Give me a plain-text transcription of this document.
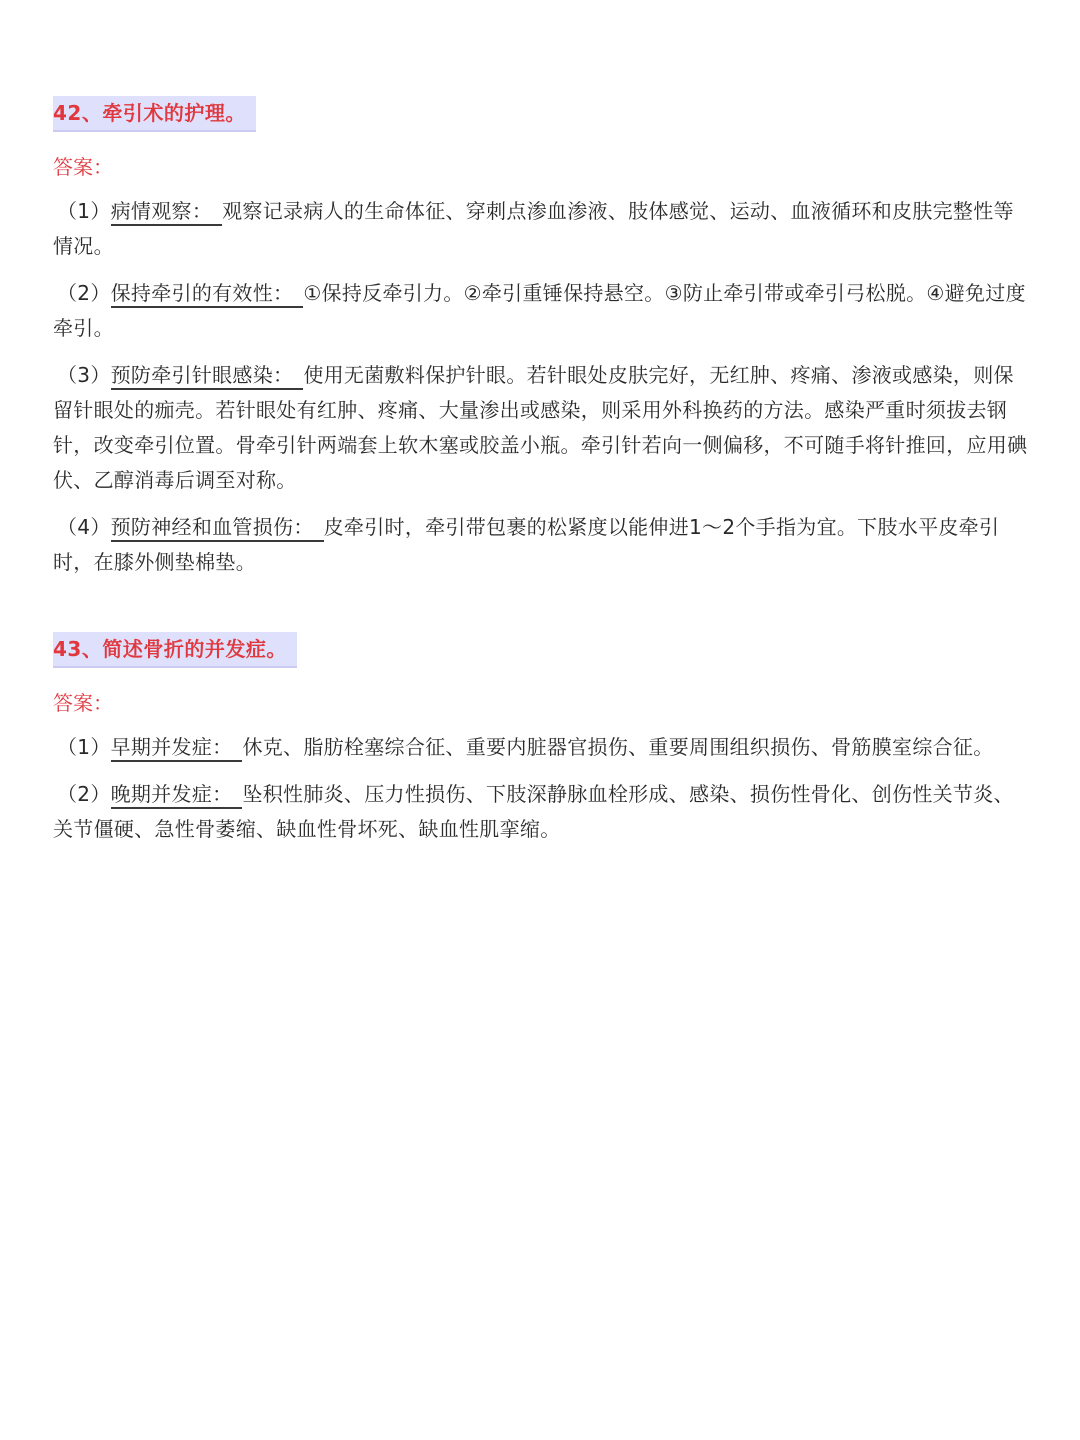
42、牵引术的护理。
答案：
（1）病情观察： 观察记录病人的生命体征、穿刺点渗血渗液、肢体感觉、运动、血液循环和皮肤完整性等情况。
（2）保持牵引的有效性： ①保持反牵引力。②牵引重锤保持悬空。③防止牵引带或牵引弓松脱。④避免过度牵引。
（3）预防牵引针眼感染： 使用无菌敷料保护针眼。若针眼处皮肤完好，无红肿、疼痛、渗液或感染，则保留针眼处的痂壳。若针眼处有红肿、疼痛、大量渗出或感染，则采用外科换药的方法。感染严重时须拔去钢针，改变牵引位置。骨牵引针两端套上软木塞或胶盖小瓶。牵引针若向一侧偏移，不可随手将针推回，应用碘伏、乙醇消毒后调至对称。
（4）预防神经和血管损伤： 皮牵引时，牵引带包裹的松紧度以能伸进1～2个手指为宜。下肢水平皮牵引时，在膝外侧垫棉垫。
43、简述骨折的并发症。
答案：
（1）早期并发症： 休克、脂肪栓塞综合征、重要内脏器官损伤、重要周围组织损伤、骨筋膜室综合征。
（2）晚期并发症： 坠积性肺炎、压力性损伤、下肢深静脉血栓形成、感染、损伤性骨化、创伤性关节炎、关节僵硬、急性骨萎缩、缺血性骨坏死、缺血性肌挛缩。
